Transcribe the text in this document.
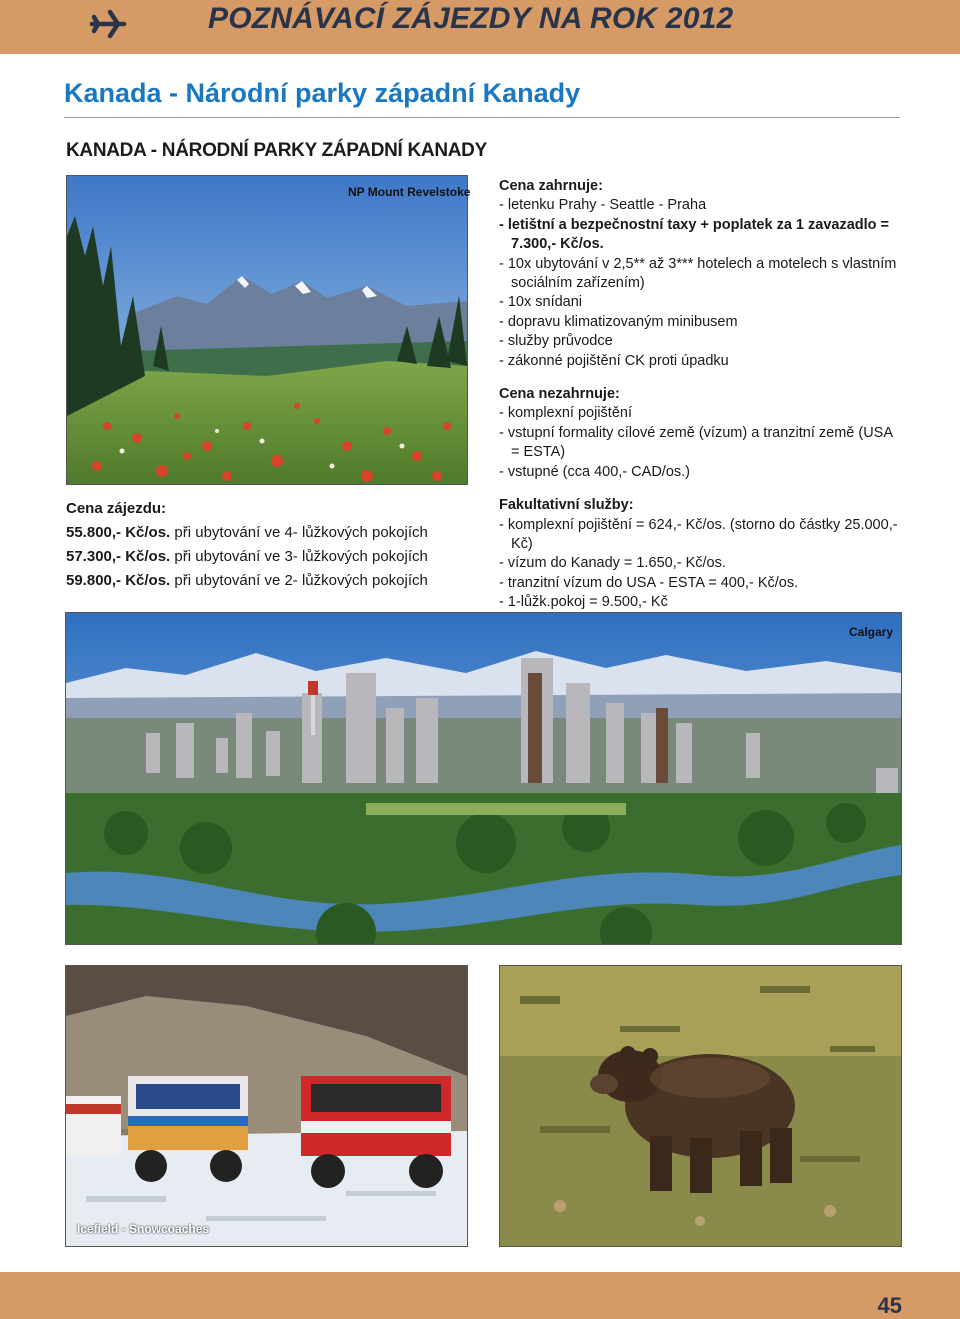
POZNÁVACÍ ZÁJEZDY NA ROK 2012
Kanada - Národní parky západní Kanady
KANADA - NÁRODNÍ PARKY ZÁPADNÍ KANADY
NP Mount Revelstoke
Cena zájezdu:
55.800,- Kč/os. při ubytování ve 4- lůžkových pokojích
57.300,- Kč/os. při ubytování ve 3- lůžkových pokojích
59.800,- Kč/os. při ubytování ve 2- lůžkových pokojích
Cena zahrnuje:
- letenku Prahy - Seattle - Praha
- letištní a bezpečnostní taxy + poplatek za 1 zavazadlo = 7.300,- Kč/os.
- 10x ubytování v 2,5** až 3*** hotelech a motelech s vlastním sociálním zařízením)
- 10x snídani
- dopravu klimatizovaným minibusem
- služby průvodce
- zákonné pojištění CK proti úpadku
Cena nezahrnuje:
- komplexní pojištění
- vstupní formality cílové země (vízum) a tranzitní země (USA = ESTA)
- vstupné (cca 400,- CAD/os.)
Fakultativní služby:
- komplexní pojištění = 624,- Kč/os. (storno do částky 25.000,- Kč)
- vízum do Kanady = 1.650,- Kč/os.
- tranzitní vízum do USA - ESTA = 400,- Kč/os.
- 1-lůžk.pokoj = 9.500,- Kč
Calgary
Icefield - Snowcoaches
45
